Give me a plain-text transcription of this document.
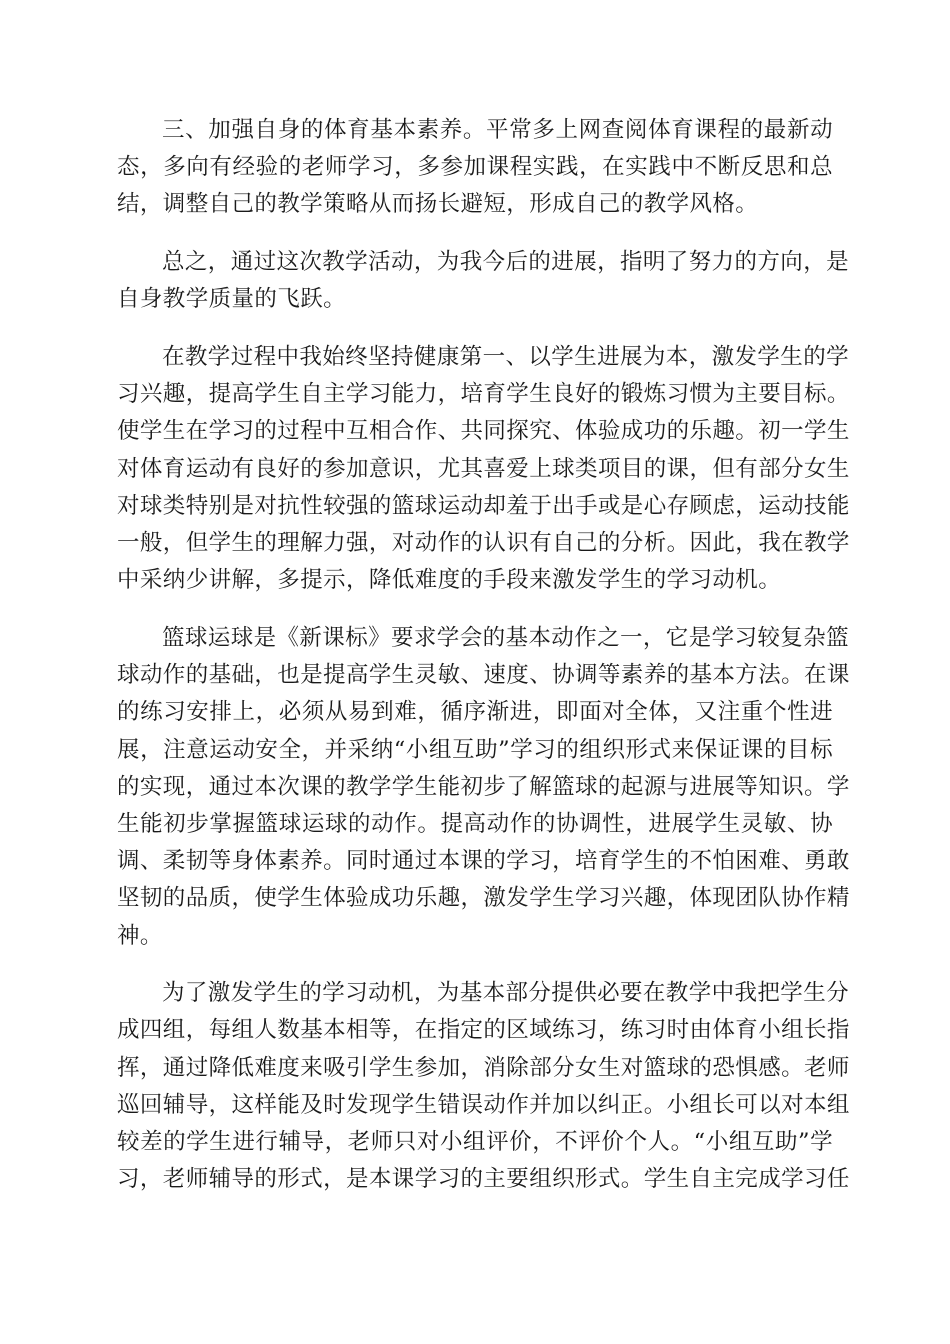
三、加强自身的体育基本素养。平常多上网查阅体育课程的最新动
态，多向有经验的老师学习，多参加课程实践，在实践中不断反思和总
结，调整自己的教学策略从而扬长避短，形成自己的教学风格。
总之，通过这次教学活动，为我今后的进展，指明了努力的方向，是
自身教学质量的飞跃。
在教学过程中我始终坚持健康第一、以学生进展为本，激发学生的学
习兴趣，提高学生自主学习能力，培育学生良好的锻炼习惯为主要目标。
使学生在学习的过程中互相合作、共同探究、体验成功的乐趣。初一学生
对体育运动有良好的参加意识，尤其喜爱上球类项目的课，但有部分女生
对球类特别是对抗性较强的篮球运动却羞于出手或是心存顾虑，运动技能
一般，但学生的理解力强，对动作的认识有自己的分析。因此，我在教学
中采纳少讲解，多提示，降低难度的手段来激发学生的学习动机。
篮球运球是《新课标》要求学会的基本动作之一，它是学习较复杂篮
球动作的基础，也是提高学生灵敏、速度、协调等素养的基本方法。在课
的练习安排上，必须从易到难，循序渐进，即面对全体，又注重个性进
展，注意运动安全，并采纳“小组互助”学习的组织形式来保证课的目标
的实现，通过本次课的教学学生能初步了解篮球的起源与进展等知识。学
生能初步掌握篮球运球的动作。提高动作的协调性，进展学生灵敏、协
调、柔韧等身体素养。同时通过本课的学习，培育学生的不怕困难、勇敢
坚韧的品质，使学生体验成功乐趣，激发学生学习兴趣，体现团队协作精
神。
为了激发学生的学习动机，为基本部分提供必要在教学中我把学生分
成四组，每组人数基本相等，在指定的区域练习，练习时由体育小组长指
挥，通过降低难度来吸引学生参加，消除部分女生对篮球的恐惧感。老师
巡回辅导，这样能及时发现学生错误动作并加以纠正。小组长可以对本组
较差的学生进行辅导，老师只对小组评价，不评价个人。“小组互助”学
习，老师辅导的形式，是本课学习的主要组织形式。学生自主完成学习任
